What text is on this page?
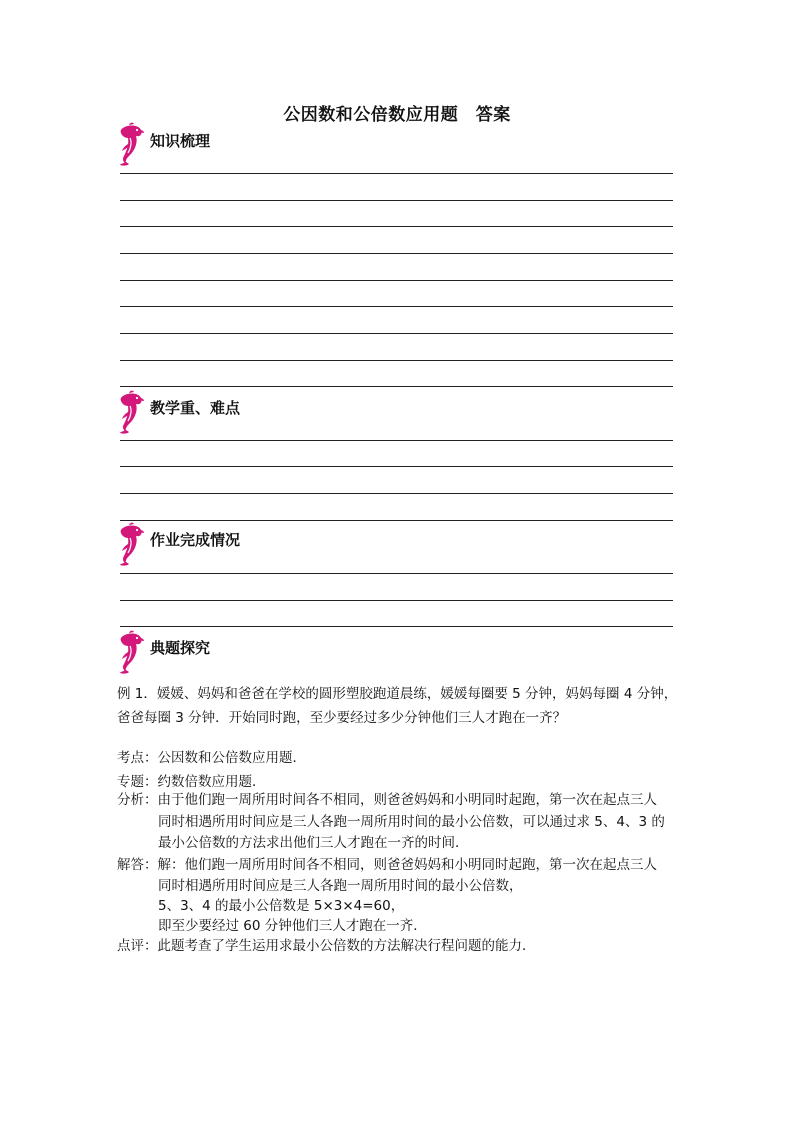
公因数和公倍数应用题　答案
知识梳理
教学重、难点
作业完成情况
典题探究
例 1．媛媛、妈妈和爸爸在学校的圆形塑胶跑道晨练，媛媛每圈要 5 分钟，妈妈每圈 4 分钟，
爸爸每圈 3 分钟．开始同时跑，至少要经过多少分钟他们三人才跑在一齐？
考点：公因数和公倍数应用题．
专题：约数倍数应用题．
分析：由于他们跑一周所用时间各不相同，则爸爸妈妈和小明同时起跑，第一次在起点三人
同时相遇所用时间应是三人各跑一周所用时间的最小公倍数，可以通过求 5、4、3 的
最小公倍数的方法求出他们三人才跑在一齐的时间．
解答：解：他们跑一周所用时间各不相同，则爸爸妈妈和小明同时起跑，第一次在起点三人
同时相遇所用时间应是三人各跑一周所用时间的最小公倍数，
5、3、4 的最小公倍数是 5×3×4=60，
即至少要经过 60 分钟他们三人才跑在一齐．
点评：此题考查了学生运用求最小公倍数的方法解决行程问题的能力．
